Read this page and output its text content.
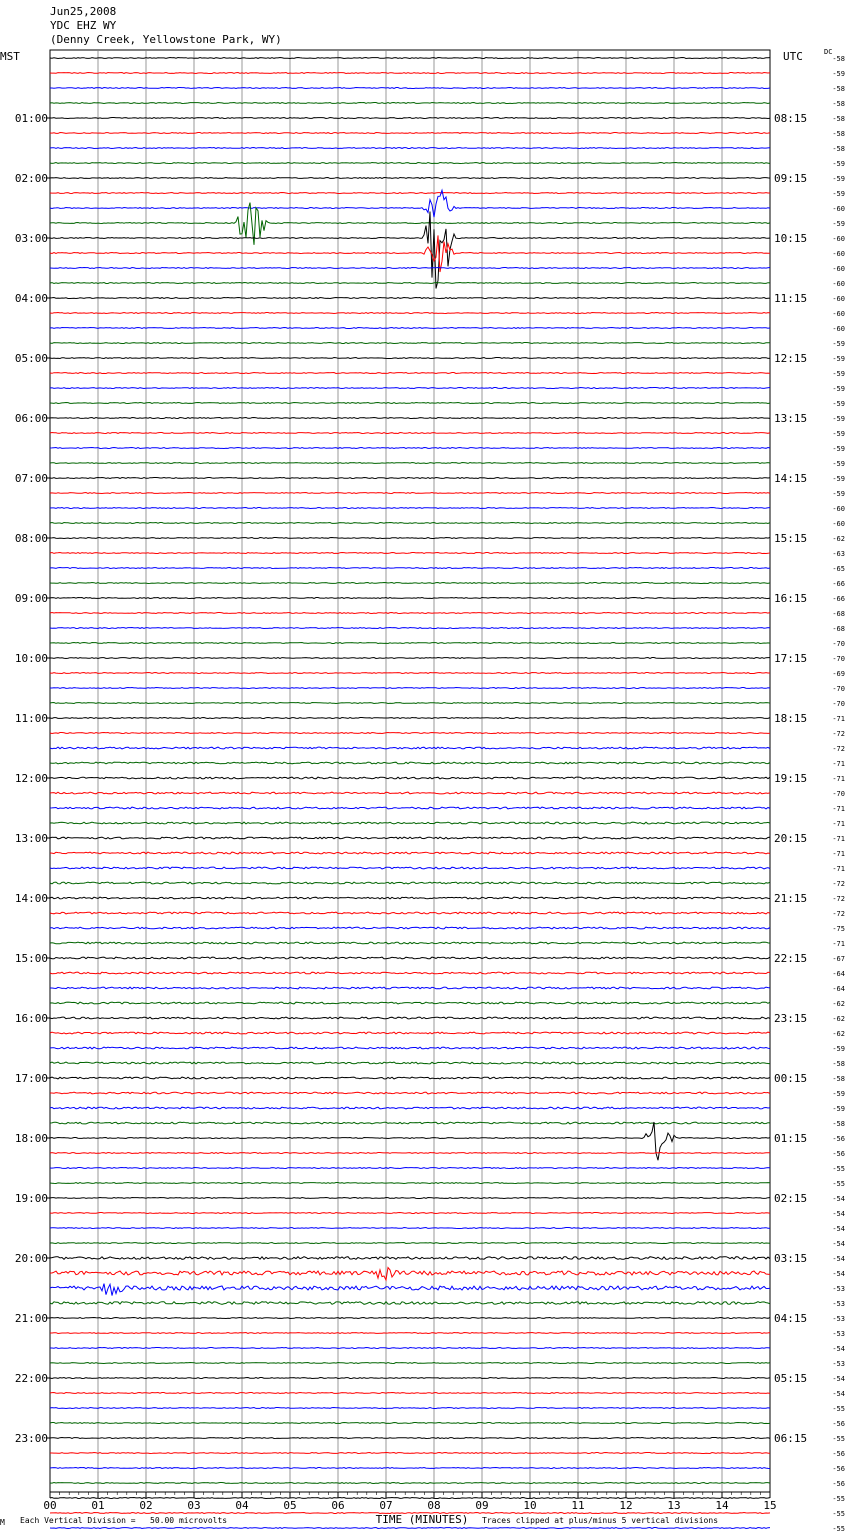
Jun25,2008
YDC EHZ WY
(Denny Creek, Yellowstone Park, WY)
MST	UTC	DC
00	01	02	03	04	05	06	07	08	09	10	11	12	13	14	15
TIME (MINUTES)
01:00
02:00
03:00
04:00
05:00
06:00
07:00
08:00
09:00
10:00
11:00
12:00
13:00
14:00
15:00
16:00
17:00
18:00
19:00
20:00
21:00
22:00
23:00
08:15
09:15
10:15
11:15
12:15
13:15
14:15
15:15
16:15
17:15
18:15
19:15
20:15
21:15
22:15
23:15
00:15
01:15
02:15
03:15
04:15
05:15
06:15
-58
-59
-58
-58
-58
-58
-58
-59
-59
-59
-60
-59
-60
-60
-60
-60
-60
-60
-60
-59
-59
-59
-59
-59
-59
-59
-59
-59
-59
-59
-60
-60
-62
-63
-65
-66
-66
-68
-68
-70
-70
-69
-70
-70
-71
-72
-72
-71
-71
-70
-71
-71
-71
-71
-71
-72
-72
-72
-75
-71
-67
-64
-64
-62
-62
-62
-59
-58
-58
-59
-59
-58
-56
-56
-55
-55
-54
-54
-54
-54
-54
-54
-53
-53
-53
-53
-54
-53
-54
-54
-55
-56
-55
-56
-56
-56
-55
-55
-55
M Each Vertical Division =   50.00 microvolts	Traces clipped at plus/minus 5 vertical divisions
